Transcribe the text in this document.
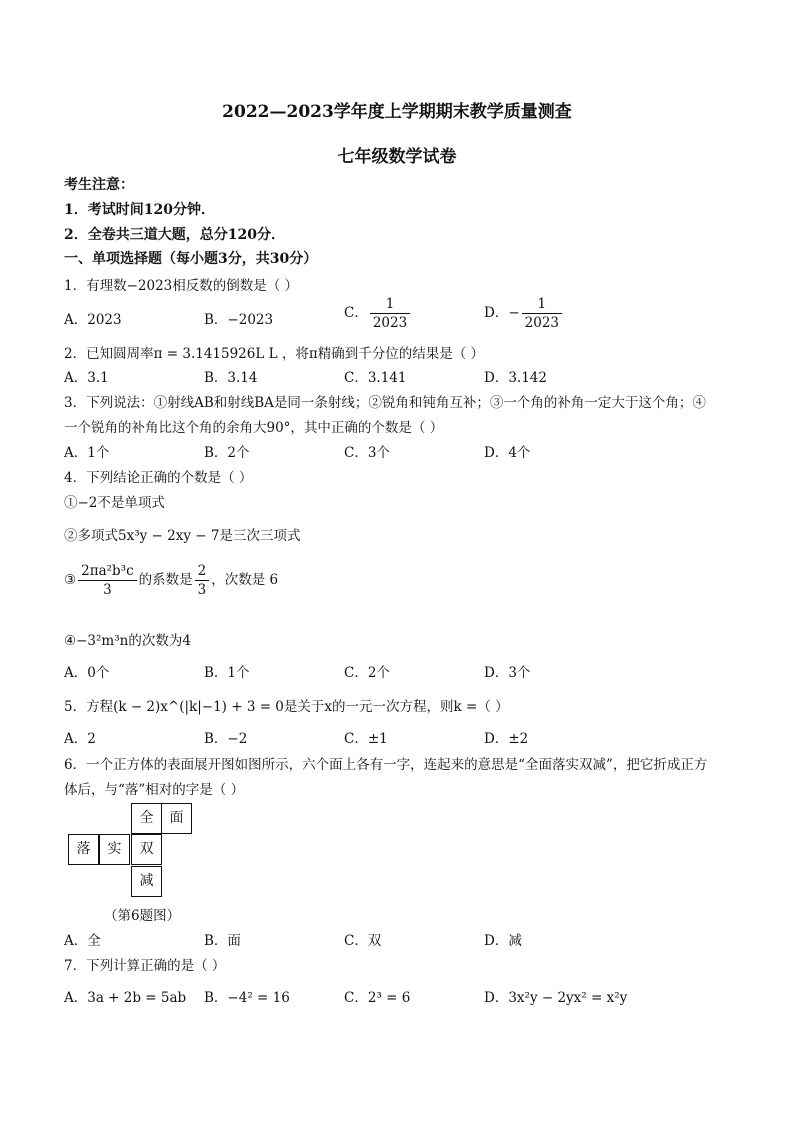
2022—2023学年度上学期期末教学质量测查
七年级数学试卷
考生注意：
1．考试时间120分钟．
2．全卷共三道大题，总分120分．
一、单项选择题（每小题3分，共30分）
1．有理数−2023相反数的倒数是（ ）
A．2023	B．−2023	C． $\frac{1}{2023}$	D．− $\frac{1}{2023}$
2．已知圆周率π = 3.1415926L L ，将π精确到千分位的结果是（ ）
A．3.1	B．3.14	C．3.141	D．3.142
3．下列说法：①射线AB和射线BA是同一条射线；②锐角和钝角互补；③一个角的补角一定大于这个角；④
一个锐角的补角比这个角的余角大90°，其中正确的个数是（ ）
A．1个	B．2个	C．3个	D．4个
4．下列结论正确的个数是（ ）
①−2不是单项式
②多项式5x³y − 2xy − 7是三次三项式
③ $\frac{\text{2πa²b³c}}{3}$ 的系数是 $\frac{2}{3}$ ，次数是 6
④−3²m³n的次数为4
A．0个	B．1个	C．2个	D．3个
5．方程(k − 2)x^(|k|−1) + 3 = 0是关于x的一元一次方程，则k =（ ）
A．2	B．−2	C．±1	D．±2
6．一个正方体的表面展开图如图所示，六个面上各有一字，连起来的意思是“全面落实双减”，把它折成正方
体后，与“落”相对的字是（ ）
全	面
落	实	双
减
（第6题图）
A．全	B．面	C．双	D．减
7．下列计算正确的是（ ）
A．3a + 2b = 5ab B．−4² = 16	C．2³ = 6	D．3x²y − 2yx² = x²y
